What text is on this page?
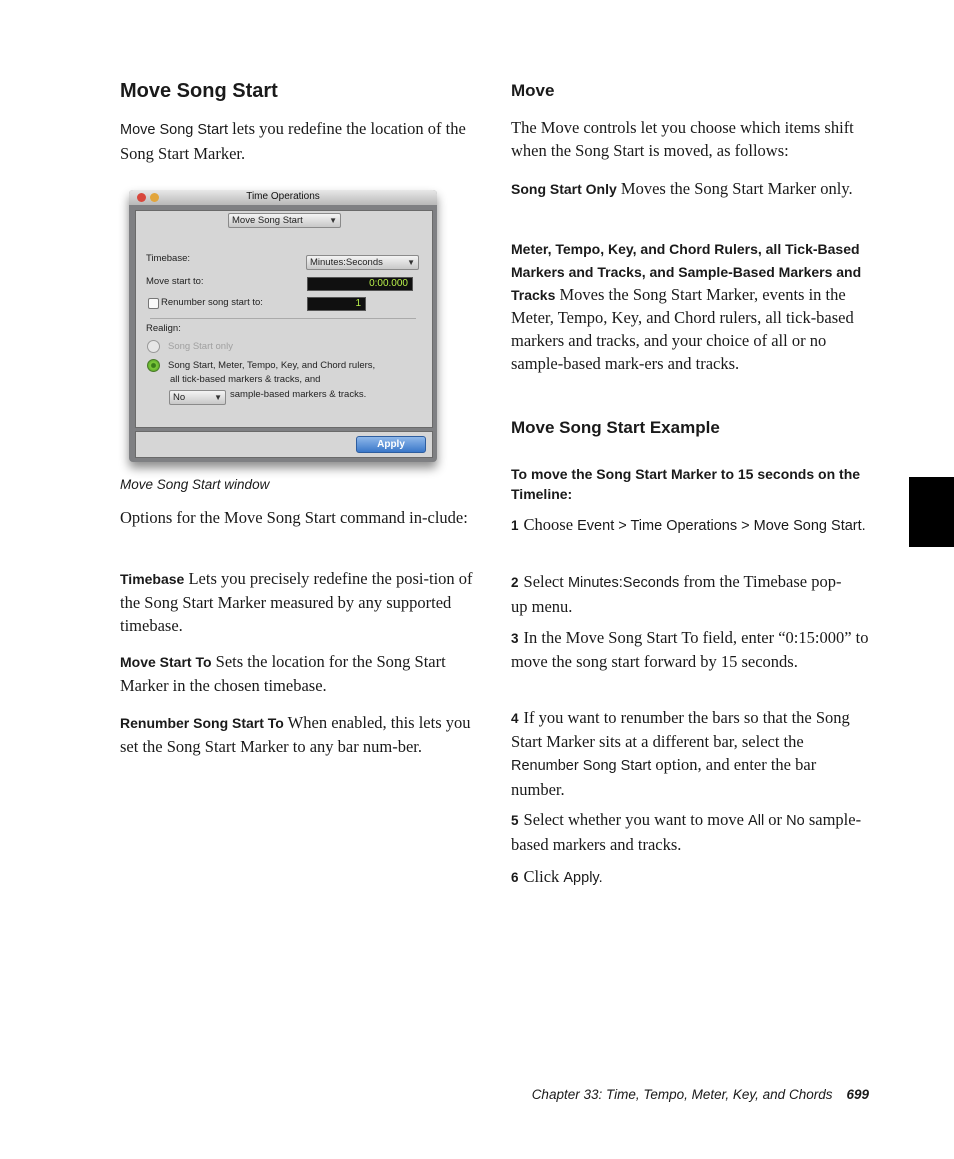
Move Song Start

Move Song Start lets you redefine the location of the Song Start Marker.

Move Song Start window

Options for the Move Song Start command in-clude:

Timebase Lets you precisely redefine the posi-tion of the Song Start Marker measured by any supported timebase.

Move Start To Sets the location for the Song Start Marker in the chosen timebase.

Renumber Song Start To When enabled, this lets you set the Song Start Marker to any bar num-ber.

Time Operations
Move Song Start	▼
Timebase:	Minutes:Seconds	▼
Move start to:	0:00.000
Renumber song start to:	1
Realign:
Song Start only
Song Start, Meter, Tempo, Key, and Chord rulers,
all tick-based markers & tracks, and
No	▼ sample-based markers & tracks.
Apply
Move

The Move controls let you choose which items shift when the Song Start is moved, as follows:

Song Start Only Moves the Song Start Marker only.

Meter, Tempo, Key, and Chord Rulers, all Tick-Based Markers and Tracks, and Sample-Based Markers and Tracks Moves the Song Start Marker, events in the Meter, Tempo, Key, and Chord rulers, all tick-based markers and tracks, and your choice of all or no sample-based mark-ers and tracks.

Move Song Start Example

To move the Song Start Marker to 15 seconds on the Timeline:

1 Choose Event > Time Operations > Move Song Start.

2 Select Minutes:Seconds from the Timebase pop-up menu.

3 In the Move Song Start To field, enter “0:15:000” to move the song start forward by 15 seconds.

4 If you want to renumber the bars so that the Song Start Marker sits at a different bar, select the Renumber Song Start option, and enter the bar number.

5 Select whether you want to move All or No sample-based markers and tracks.

6 Click Apply.

Chapter 33: Time, Tempo, Meter, Key, and Chords 699
